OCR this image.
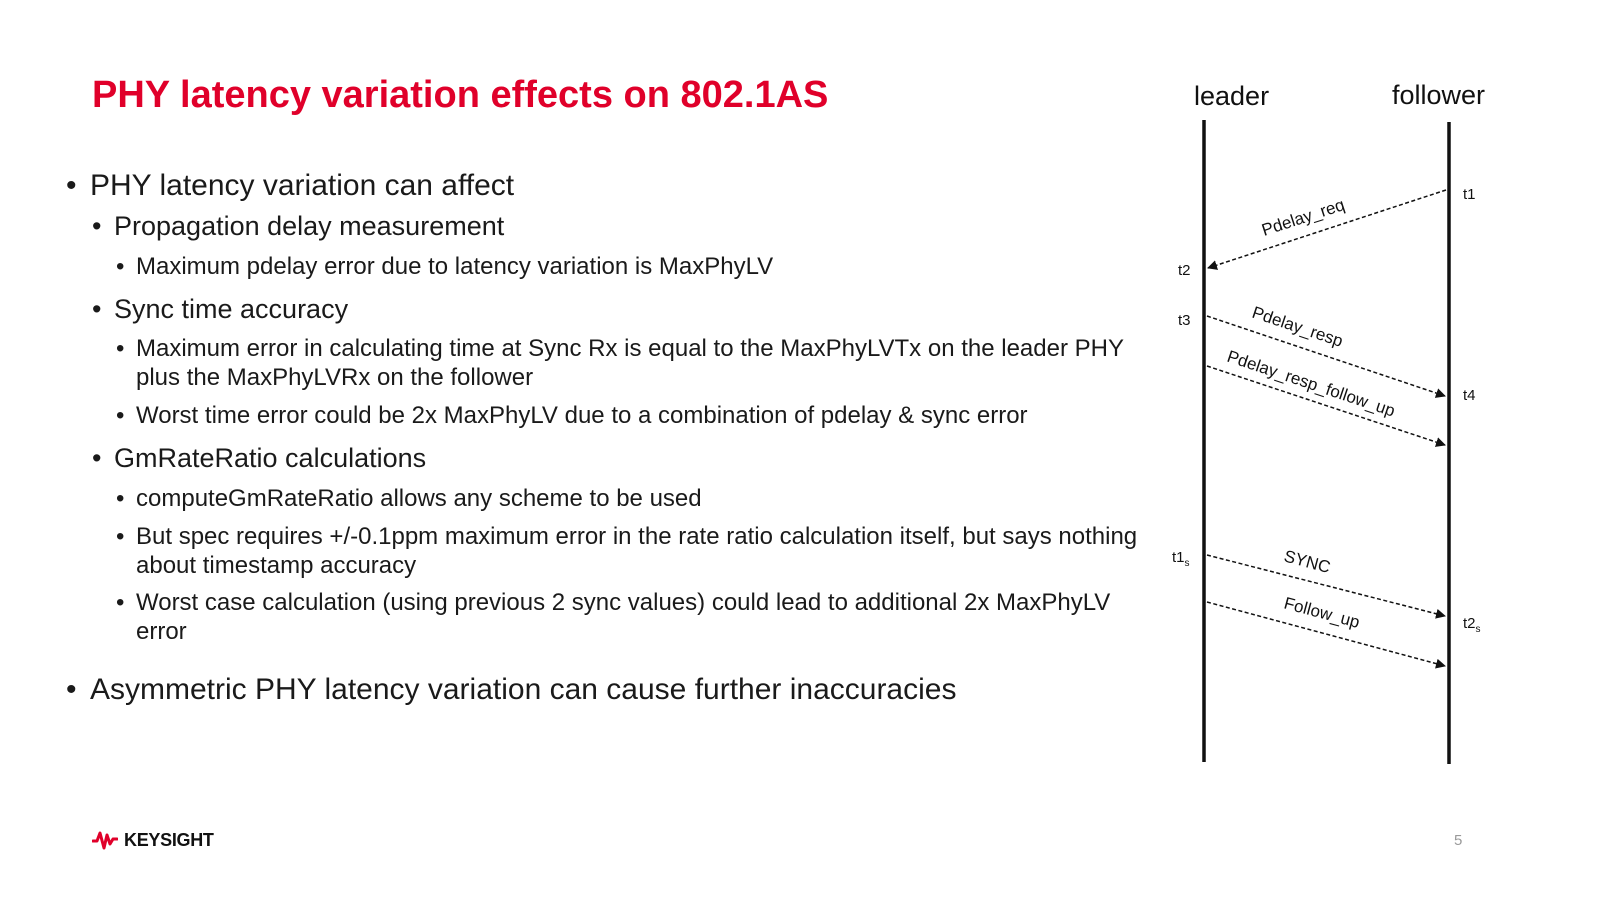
PHY latency variation effects on 802.1AS

• PHY latency variation can affect

• Propagation delay measurement

• Maximum pdelay error due to latency variation is MaxPhyLV

• Sync time accuracy

• Maximum error in calculating time at Sync Rx is equal to the MaxPhyLVTx on the leader PHY plus the MaxPhyLVRx on the follower

• Worst time error could be 2x MaxPhyLV due to a combination of pdelay & sync error

• GmRateRatio calculations

• computeGmRateRatio allows any scheme to be used

• But spec requires +/-0.1ppm maximum error in the rate ratio calculation itself, but says nothing about timestamp accuracy

• Worst case calculation (using previous 2 sync values) could lead to additional 2x MaxPhyLV error

• Asymmetric PHY latency variation can cause further inaccuracies

leader	follower
Pdelay_req
Pdelay_resp
Pdelay_resp_follow_up
SYNC
Follow_up
t1
t2
t3
t4
$t1_s$
$t2_s$
KEYSIGHT	5
